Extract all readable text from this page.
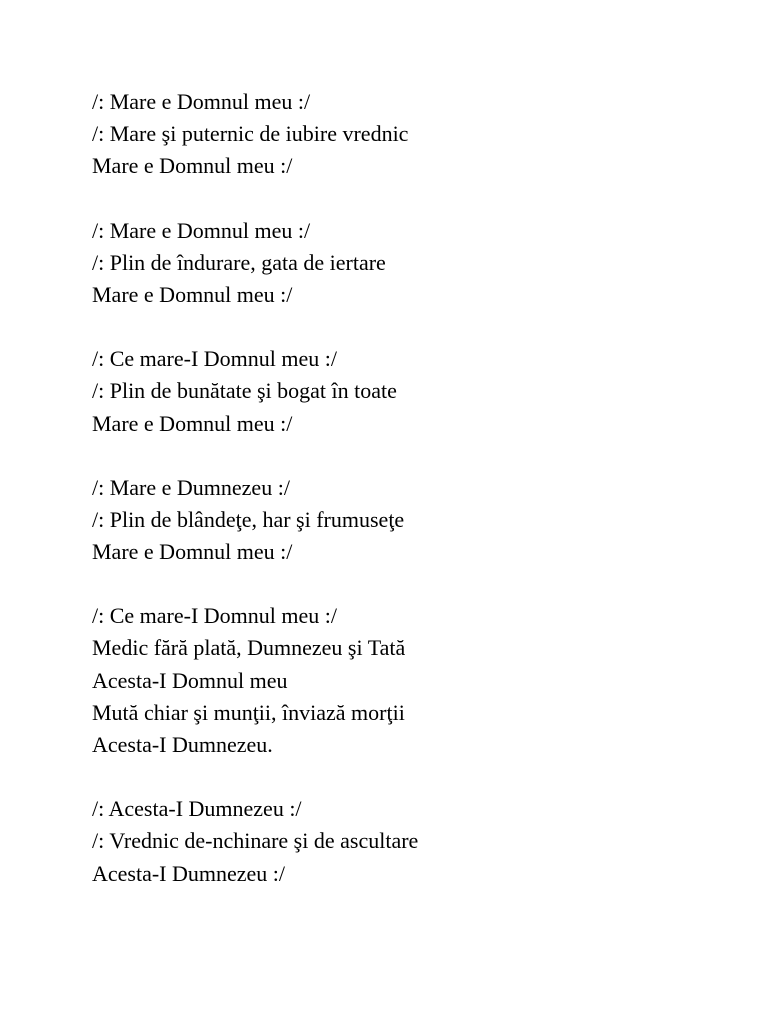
/: Mare e Domnul meu :/
/: Mare şi puternic de iubire vrednic
Mare e Domnul meu :/
/: Mare e Domnul meu :/
/: Plin de îndurare, gata de iertare
Mare e Domnul meu :/
/: Ce mare-I Domnul meu :/
/: Plin de bunătate şi bogat în toate
Mare e Domnul meu :/
/: Mare e Dumnezeu :/
/: Plin de blândeţe, har şi frumuseţe
Mare e Domnul meu :/
/: Ce mare-I Domnul meu :/
Medic fără plată, Dumnezeu şi Tată
Acesta-I Domnul meu
Mută chiar şi munţii, înviază morţii
Acesta-I Dumnezeu.
/: Acesta-I Dumnezeu :/
/: Vrednic de-nchinare şi de ascultare
Acesta-I Dumnezeu :/
